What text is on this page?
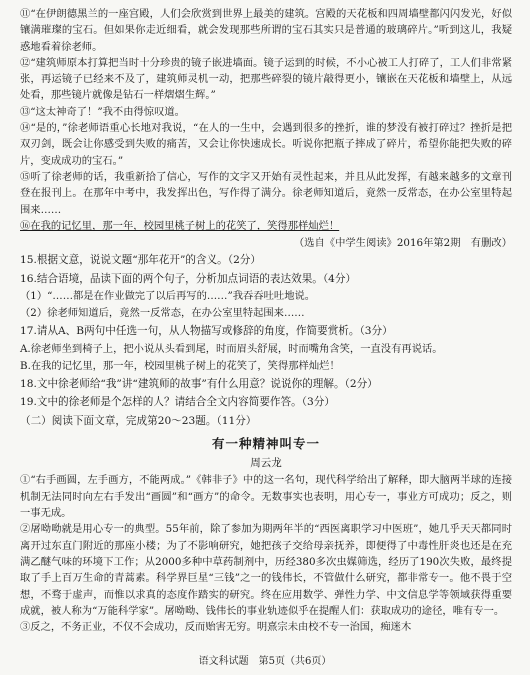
⑪“在伊朗德黑兰的一座宫殿，人们会欣赏到世界上最美的建筑。宫殿的天花板和四周墙壁都闪闪发光，好似镶满璀璨的宝石。但如果你走近细看，就会发现那些所谓的宝石其实只是普通的玻璃碎片。”听到这儿，我疑惑地看着徐老师。

⑫“建筑师原本打算把当时十分珍贵的镜子嵌进墙面。镜子运到的时候，不小心被工人打碎了，工人们非常紧张，再运镜子已经来不及了，建筑师灵机一动，把那些碎裂的镜片敲得更小，镶嵌在天花板和墙壁上，从远处看，那些镜片就像是钻石一样熠熠生辉。”

⑬“这太神奇了！”我不由得惊叹道。

⑭“是的，”徐老师语重心长地对我说，“在人的一生中，会遇到很多的挫折，谁的梦没有被打碎过？挫折是把双刃剑，既会让你感受到失败的痛苦，又会让你快速成长。听说你把瓶子摔成了碎片，希望你能把失败的碎片，变成成功的宝石。”

⑮听了徐老师的话，我重新拾了信心，写作的文字又开始有灵性起来，并且从此发挥，有越来越多的文章刊登在报刊上。在那年中考中，我发挥出色，写作得了满分。徐老师知道后，竟然一反常态，在办公室里特起围来……

⑯在我的记忆里，那一年，校园里桃子树上的花笑了，笑得那样灿烂！

（选自《中学生阅读》2016年第2期　有删改）

15.根据文意，说说文题“那年花开”的含义。（2分）

16.结合语境，品读下面的两个句子，分析加点词语的表达效果。（4分）

（1）“……都是在作业做完了以后再写的……”我吞吞吐吐地说。

（2）徐老师知道后，竟然一反常态，在办公室里特起围来……

17.请从A、B两句中任选一句，从人物描写或修辞的角度，作简要赏析。（3分）

A.徐老师坐到椅子上，把小说从头看到尾，时而眉头舒展，时而嘴角含笑，一直没有再说话。

B.在我的记忆里，那一年，校园里桃子树上的花笑了，笑得那样灿烂！

18.文中徐老师给“我”讲“建筑师的故事”有什么用意？说说你的理解。（2分）

19.文中的徐老师是个怎样的人？请结合全文内容简要作答。（3分）

（二）阅读下面文章，完成第20～23题。（11分）

有一种精神叫专一
周云龙

①“右手画圆，左手画方，不能两成。”《韩非子》中的这一名句，现代科学给出了解释，即大脑两半球的连接机制无法同时向左右手发出“画圆”和“画方”的命令。无数事实也表明，用心专一，事业方可成功；反之，则一事无成。

②屠呦呦就是用心专一的典型。55年前，除了参加为期两年半的“西医离职学习中医班”，她几乎天天都同时离开过东直门附近的那座小楼；为了不影响研究，她把孩子交给母亲抚养，即便得了中毒性肝炎也还是在充满乙醚气味的环境下工作；从2000多种中草药制剂中，历经380多次虫媒筛选，经历了190次失败，最终提取了手上百万生命的青蒿素。科学界巨星“三钱”之一的钱伟长，不管做什么研究，都非常专一。他不畏于空想，不骛于虚声，而惟以求真的态度作踏实的研究。终在应用数学、弹性力学、中文信息学等领域获得重要成就，被人称为“万能科学家”。屠呦呦、钱伟长的事业轨迹似乎在提醒人们：获取成功的途径，唯有专一。

③反之，不务正业，不仅不会成功，反而贻害无穷。明熹宗未由校不专一治国，痴迷木

语文科试题　第5页（共6页）
